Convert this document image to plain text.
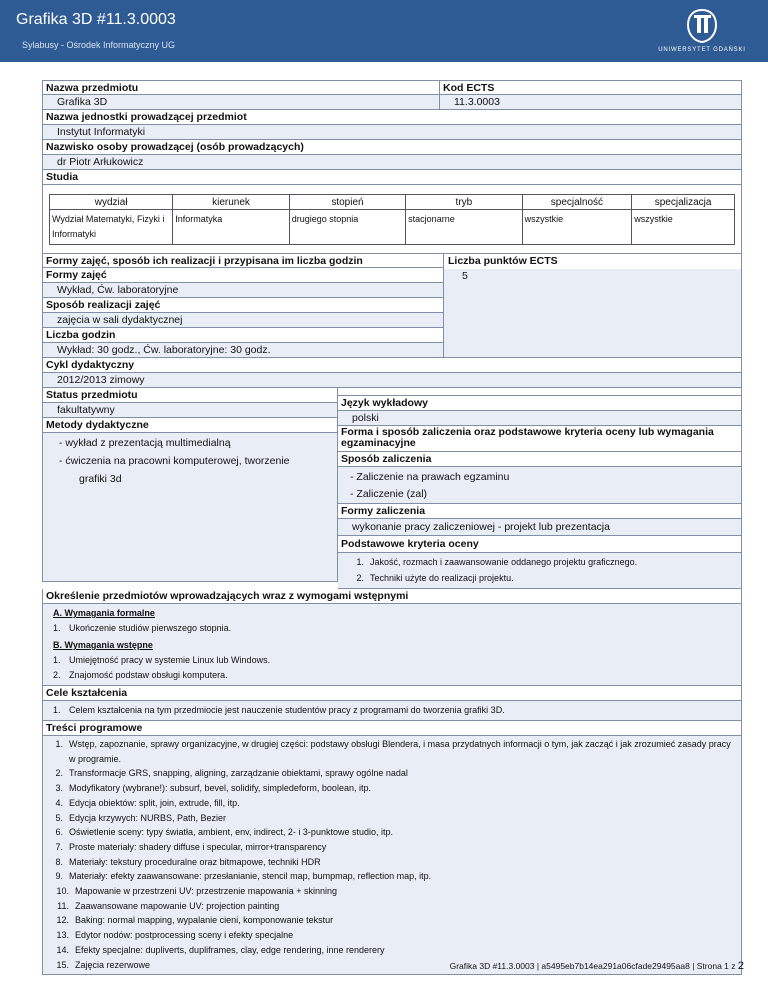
Grafika 3D #11.3.0003
Sylabusy - Ośrodek Informatyczny UG	UNIWERSYTET GDAŃSKI
Nazwa przedmiotu
Grafika 3D
Kod ECTS
11.3.0003
Nazwa jednostki prowadzącej przedmiot
Instytut Informatyki
Nazwisko osoby prowadzącej (osób prowadzących)
dr Piotr Arłukowicz
Studia
wydział	kierunek	stopień	tryb	specjalność	specjalizacja
Wydział Matematyki, Fizyki i Informatyki	Informatyka	drugiego stopnia	stacjonarne	wszystkie	wszystkie
Formy zajęć, sposób ich realizacji i przypisana im liczba godzin
Formy zajęć
Wykład, Ćw. laboratoryjne
Sposób realizacji zajęć
zajęcia w sali dydaktycznej
Liczba godzin
Wykład: 30 godz., Ćw. laboratoryjne: 30 godz.
Liczba punktów ECTS
5
Cykl dydaktyczny
2012/2013 zimowy
Status przedmiotu
fakultatywny
Metody dydaktyczne
- wykład z prezentacją multimedialną
- ćwiczenia na pracowni komputerowej, tworzenie
grafiki 3d
Język wykładowy
polski
Forma i sposób zaliczenia oraz podstawowe kryteria oceny lub wymagania egzaminacyjne
Sposób zaliczenia
- Zaliczenie na prawach egzaminu
- Zaliczenie (zal)
Formy zaliczenia
wykonanie pracy zaliczeniowej - projekt lub prezentacja
Podstawowe kryteria oceny
1. Jakość, rozmach i zaawansowanie oddanego projektu graficznego.
2. Techniki użyte do realizacji projektu.
Określenie przedmiotów wprowadzających wraz z wymogami wstępnymi
A. Wymagania formalne
1. Ukończenie studiów pierwszego stopnia.
B. Wymagania wstępne
1. Umiejętność pracy w systemie Linux lub Windows.
2. Znajomość podstaw obsługi komputera.
Cele kształcenia
1. Celem kształcenia na tym przedmiocie jest nauczenie studentów pracy z programami do tworzenia grafiki 3D.
Treści programowe
1. Wstęp, zapoznanie, sprawy organizacyjne, w drugiej części: podstawy obsługi Blendera, i masa przydatnych informacji o tym, jak zacząć i jak zrozumieć zasady pracy w programie.
2. Transformacje GRS, snapping, aligning, zarządzanie obiektami, sprawy ogólne nadal
3. Modyfikatory (wybrane!): subsurf, bevel, solidify, simpledeform, boolean, itp.
4. Edycja obiektów: split, join, extrude, fill, itp.
5. Edycja krzywych: NURBS, Path, Bezier
6. Oświetlenie sceny: typy światła, ambient, env, indirect, 2- i 3-punktowe studio, itp.
7. Proste materiały: shadery diffuse i specular, mirror+transparency
8. Materiały: tekstury proceduralne oraz bitmapowe, techniki HDR
9. Materiały: efekty zaawansowane: przesłanianie, stencil map, bumpmap, reflection map, itp.
10. Mapowanie w przestrzeni UV: przestrzenie mapowania + skinning
11. Zaawansowane mapowanie UV: projection painting
12. Baking: normal mapping, wypalanie cieni, komponowanie tekstur
13. Edytor nodów: postprocessing sceny i efekty specjalne
14. Efekty specjalne: dupliverts, dupliframes, clay, edge rendering, inne renderery
15. Zajęcia rezerwowe	Grafika 3D #11.3.0003 | a5495eb7b14ea291a06cfade29495aa8 | Strona 1 z 2
